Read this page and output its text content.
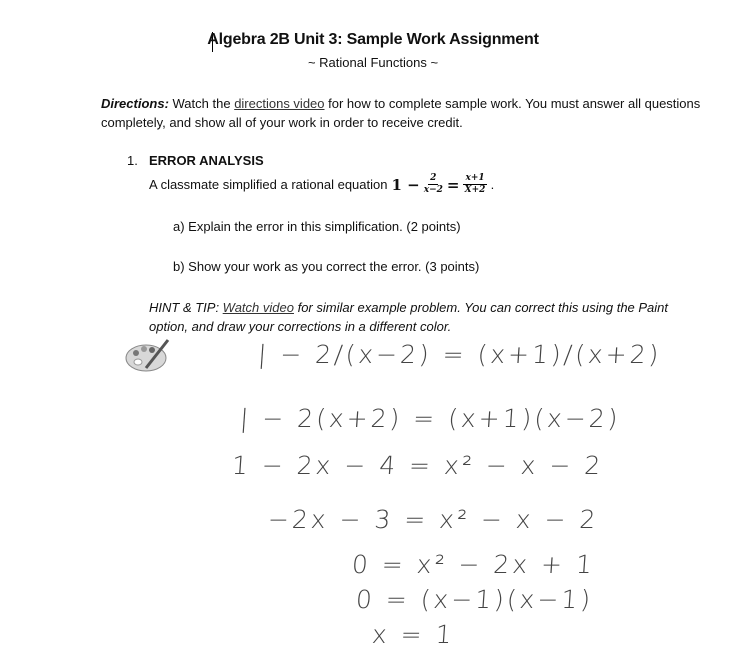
Algebra 2B Unit 3: Sample Work Assignment
~ Rational Functions ~
Directions: Watch the directions video for how to complete sample work. You must answer all questions completely, and show all of your work in order to receive credit.
1. ERROR ANALYSIS
A classmate simplified a rational equation $1 - \frac{2}{x-2} = \frac{x+1}{X+2}$ .
a) Explain the error in this simplification. (2 points)
b) Show your work as you correct the error. (3 points)
HINT & TIP: Watch video for similar example problem. You can correct this using the Paint option, and draw your corrections in a different color.
| − 2/(x−2) = (x+1)/(x+2)
| − 2(x+2) = (x+1)(x−2)
1 − 2x − 4 = x² − x − 2
−2x − 3 = x² − x − 2
0 = x² − 2x + 1
0 = (x−1)(x−1)
x = 1
